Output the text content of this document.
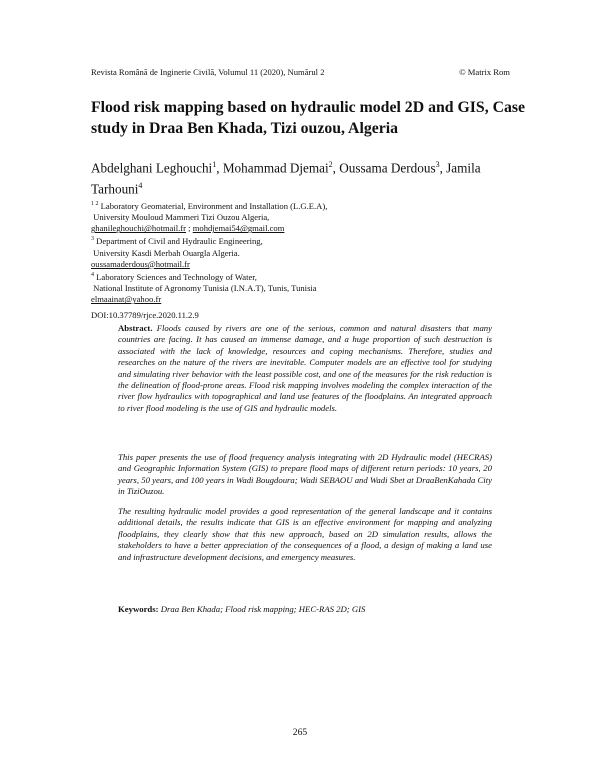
Revista Română de Inginerie Civilă, Volumul 11 (2020), Numărul 2	© Matrix Rom
Flood risk mapping based on hydraulic model 2D and GIS, Case study in Draa Ben Khada, Tizi ouzou, Algeria
Abdelghani Leghouchi$^1$, Mohammad Djemai$^2$, Oussama Derdous$^3$, Jamila Tarhouni$^4$
$^{1 2}$ Laboratory Geomaterial, Environment and Installation (L.G.E.A),
University Mouloud Mammeri Tizi Ouzou Algeria,
ghanileghouchi@hotmail.fr ; mohdjemai54@gmail.com
$^3$ Department of Civil and Hydraulic Engineering,
University Kasdi Merbah Ouargla Algeria.
oussamaderdous@hotmail.fr
$^4$ Laboratory Sciences and Technology of Water,
National Institute of Agronomy Tunisia (I.N.A.T), Tunis, Tunisia
elmaainat@yahoo.fr
DOI:10.37789/rjce.2020.11.2.9

Abstract. Floods caused by rivers are one of the serious, common and natural disasters that many countries are facing. It has caused an immense damage, and a huge proportion of such destruction is associated with the lack of knowledge, resources and coping mechanisms. Therefore, studies and researches on the nature of the rivers are inevitable. Computer models are an effective tool for studying and simulating river behavior with the least possible cost, and one of the measures for the risk reduction is the delineation of flood-prone areas. Flood risk mapping involves modeling the complex interaction of the river flow hydraulics with topographical and land use features of the floodplains. An integrated approach to river flood modeling is the use of GIS and hydraulic models.

This paper presents the use of flood frequency analysis integrating with 2D Hydraulic model (HECRAS) and Geographic Information System (GIS) to prepare flood maps of different return periods: 10 years, 20 years, 50 years, and 100 years in Wadi Bougdoura; Wadi SEBAOU and Wadi Sbet at DraaBenKahada City in TiziOuzou.

The resulting hydraulic model provides a good representation of the general landscape and it contains additional details, the results indicate that GIS is an effective environment for mapping and analyzing floodplains, they clearly show that this new approach, based on 2D simulation results, allows the stakeholders to have a better appreciation of the consequences of a flood, a design of making a land use and infrastructure development decisions, and emergency measures.

Keywords: Draa Ben Khada; Flood risk mapping; HEC-RAS 2D; GIS
265
